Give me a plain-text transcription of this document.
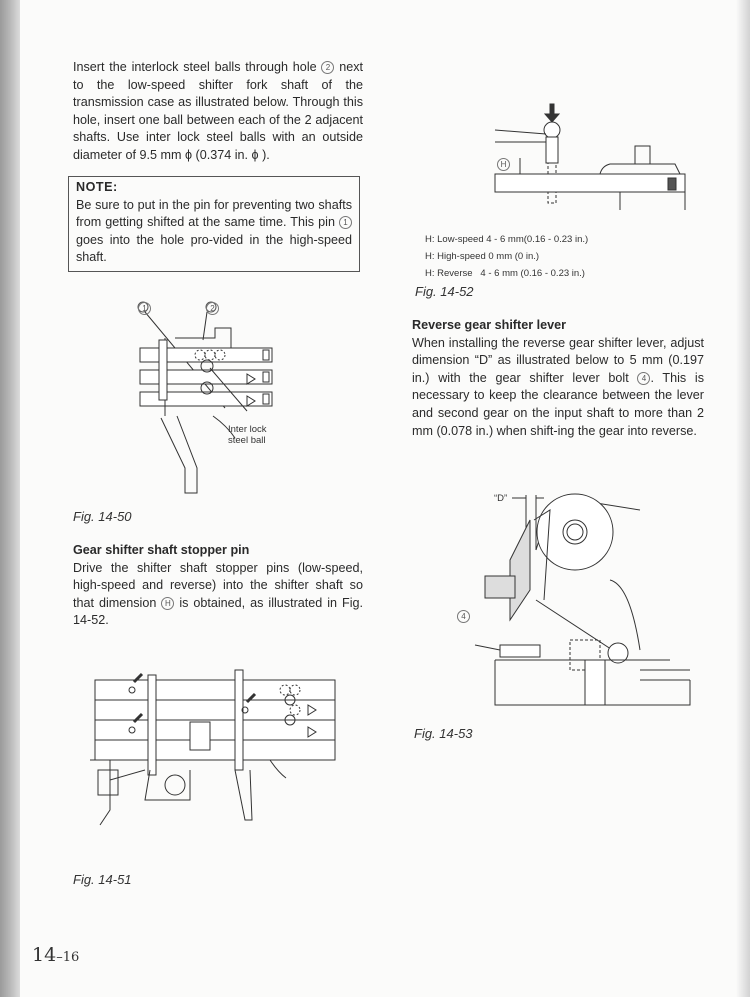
Insert the interlock steel balls through hole 2 next to the low-speed shifter fork shaft of the transmission case as illustrated below. Through this hole, insert one ball between each of the 2 adjacent shafts. Use inter lock steel balls with an outside diameter of 9.5 mm ϕ (0.374 in. ϕ ).

NOTE:
Be sure to put in the pin for preventing two shafts from getting shifted at the same time. This pin 1 goes into the hole pro-vided in the high-speed shaft.
Inter lock
steel ball
1	2
Fig. 14-50

Gear shifter shaft stopper pin

Drive the shifter shaft stopper pins (low-speed, high-speed and reverse) into the shifter shaft so that dimension H is obtained, as illustrated in Fig. 14-52.

Fig. 14-51
H
H: Low-speed 4 - 6 mm(0.16 - 0.23 in.)
H: High-speed 0 mm (0 in.)
H: Reverse   4 - 6 mm (0.16 - 0.23 in.)
Fig. 14-52

Reverse gear shifter lever

When installing the reverse gear shifter lever, adjust dimension “D” as illustrated below to 5 mm (0.197 in.) with the gear shifter lever bolt 4 . This is necessary to keep the clearance between the lever and second gear on the input shaft to more than 2 mm (0.078 in.) when shift-ing the gear into reverse.

“D”
4
Fig. 14-53
14–16
